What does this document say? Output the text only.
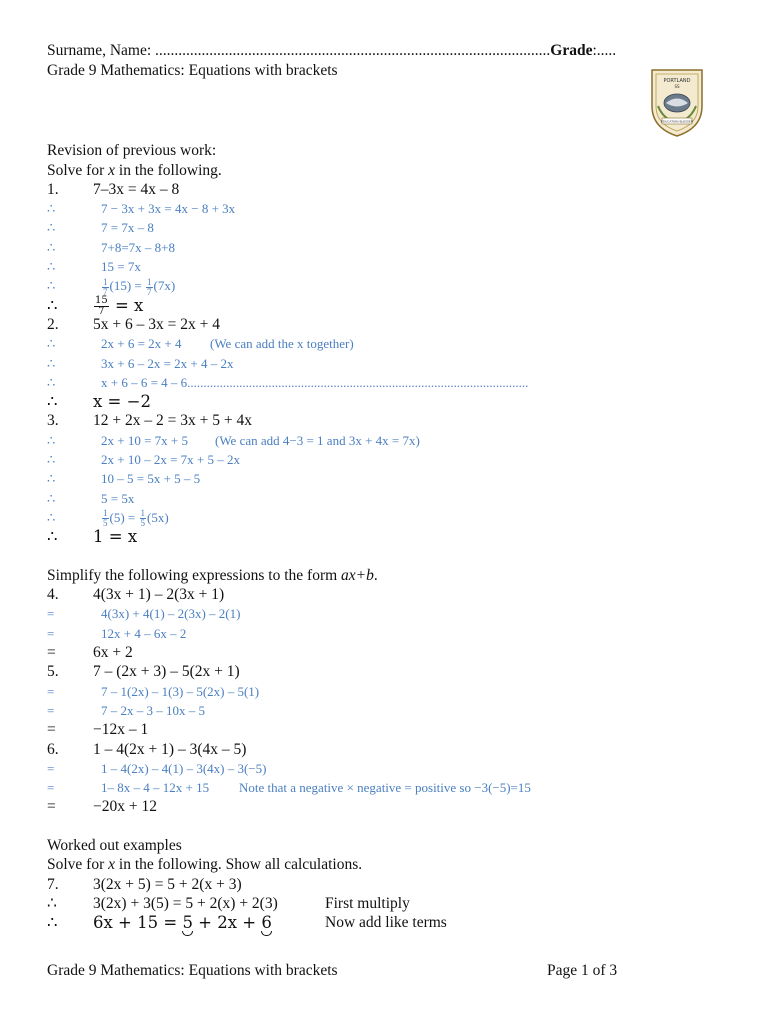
Surname, Name: ......................................................................................................Grade:.....
Grade 9 Mathematics: Equations with brackets
PORTLAND
SS
EDUCATION BLESSED
Revision of previous work:
Solve for x in the following.
1. 7–3x = 4x – 8
∴	7 − 3x + 3x = 4x − 8 + 3x
∴	7 = 7x – 8
∴	7+8=7x – 8+8
∴	15 = 7x
∴	$\frac{1}{7} (15) = \frac{1}{7} (7x)$
∴	$\frac{15}{7} = x$
2. 5x + 6 – 3x = 2x + 4
∴	2x + 6 = 2x + 4 (We can add the x together)
∴	3x + 6 – 2x = 2x + 4 – 2x
∴	x + 6 – 6 = 4 – 6.........................................................................................................
∴ x = −2
3. 12 + 2x – 2 = 3x + 5 + 4x
∴	2x + 10 = 7x + 5 (We can add 4−3 = 1 and 3x + 4x = 7x)
∴	2x + 10 – 2x = 7x + 5 – 2x
∴	10 – 5 = 5x + 5 – 5
∴	5 = 5x
∴	$\frac{1}{5} (5) = \frac{1}{5} (5x)$
∴ 1 = x
Simplify the following expressions to the form ax+b.
4. 4(3x + 1) – 2(3x + 1)
=	4(3x) + 4(1) – 2(3x) – 2(1)
=	12x + 4 – 6x – 2
= 6x + 2
5. 7 – (2x + 3) – 5(2x + 1)
=	7 – 1(2x) – 1(3) – 5(2x) – 5(1)
=	7 – 2x – 3 – 10x – 5
= −12x – 1
6. 1 – 4(2x + 1) – 3(4x – 5)
=	1 – 4(2x) – 4(1) – 3(4x) – 3(−5)
=	1– 8x – 4 – 12x + 15 Note that a negative × negative = positive so −3(−5)=15
= −20x + 12
Worked out examples
Solve for x in the following. Show all calculations.
7. 3(2x + 5) = 5 + 2(x + 3)
∴ 3(2x) + 3(5) = 5 + 2(x) + 2(3)	First multiply
∴ 6x + 15 = 5 + 2x + 6	Now add like terms
Grade 9 Mathematics: Equations with brackets	Page 1 of 3
